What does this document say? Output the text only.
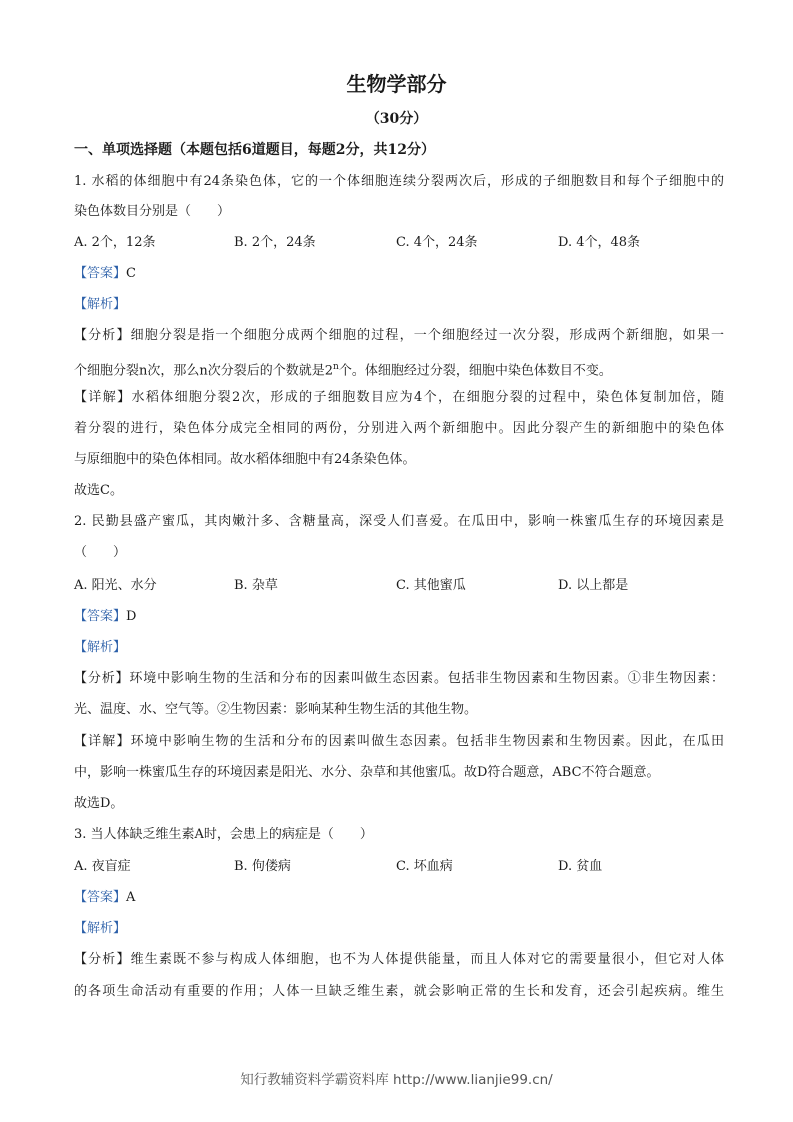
生物学部分
（30分）
一、单项选择题（本题包括6道题目，每题2分，共12分）
1. 水稻的体细胞中有24条染色体，它的一个体细胞连续分裂两次后，形成的子细胞数目和每个子细胞中的
染色体数目分别是（　　）
A. 2个，12条	B. 2个，24条	C. 4个，24条	D. 4个，48条
【答案】C
【解析】
【分析】细胞分裂是指一个细胞分成两个细胞的过程，一个细胞经过一次分裂，形成两个新细胞，如果一
个细胞分裂n次，那么n次分裂后的个数就是2$^n$个。体细胞经过分裂，细胞中染色体数目不变。
【详解】水稻体细胞分裂2次，形成的子细胞数目应为4个，在细胞分裂的过程中，染色体复制加倍，随
着分裂的进行，染色体分成完全相同的两份，分别进入两个新细胞中。因此分裂产生的新细胞中的染色体
与原细胞中的染色体相同。故水稻体细胞中有24条染色体。
故选C。
2. 民勤县盛产蜜瓜，其肉嫩汁多、含糖量高，深受人们喜爱。在瓜田中，影响一株蜜瓜生存的环境因素是
（　　）
A. 阳光、水分	B. 杂草	C. 其他蜜瓜	D. 以上都是
【答案】D
【解析】
【分析】环境中影响生物的生活和分布的因素叫做生态因素。包括非生物因素和生物因素。①非生物因素：
光、温度、水、空气等。②生物因素：影响某种生物生活的其他生物。
【详解】环境中影响生物的生活和分布的因素叫做生态因素。包括非生物因素和生物因素。因此，在瓜田
中，影响一株蜜瓜生存的环境因素是阳光、水分、杂草和其他蜜瓜。故D符合题意，ABC不符合题意。
故选D。
3. 当人体缺乏维生素A时，会患上的病症是（　　）
A. 夜盲症	B. 佝偻病	C. 坏血病	D. 贫血
【答案】A
【解析】
【分析】维生素既不参与构成人体细胞，也不为人体提供能量，而且人体对它的需要量很小，但它对人体
的各项生命活动有重要的作用；人体一旦缺乏维生素，就会影响正常的生长和发育，还会引起疾病。维生
知行教辅资料学霸资料库 http://www.lianjie99.cn/
